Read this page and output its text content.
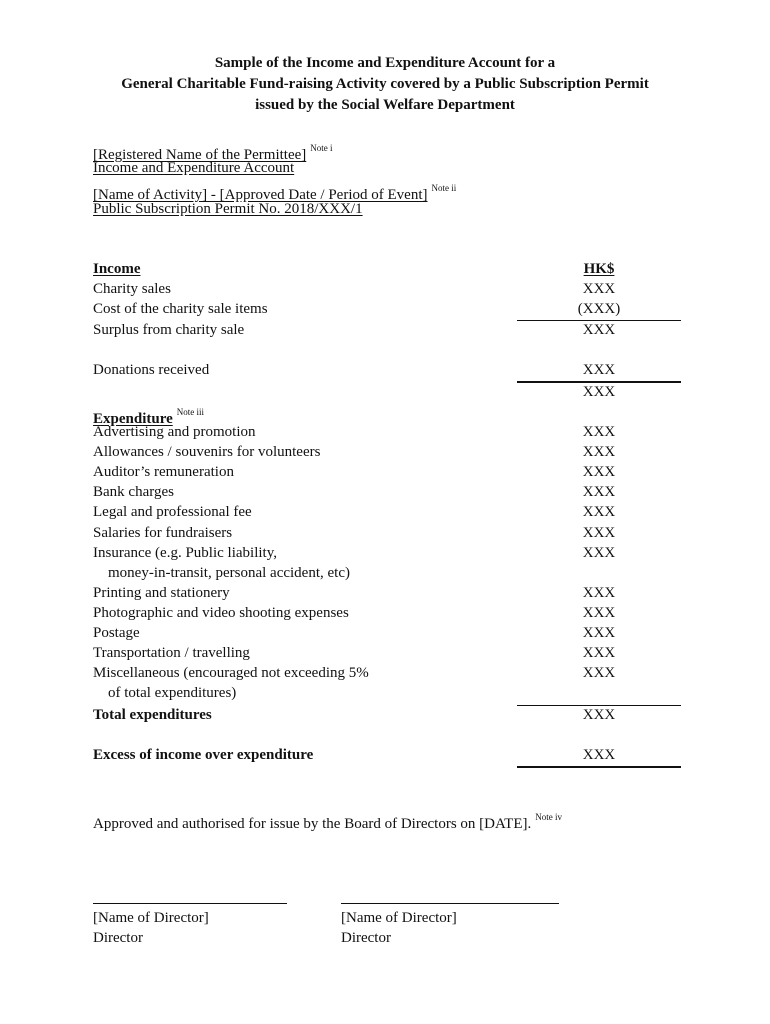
Sample of the Income and Expenditure Account for a
General Charitable Fund-raising Activity covered by a Public Subscription Permit
issued by the Social Welfare Department
[Registered Name of the Permittee] $^{Note i}$
Income and Expenditure Account
[Name of Activity] - [Approved Date / Period of Event] $^{Note ii}$
Public Subscription Permit No. 2018/XXX/1
Income	HK$
Charity sales	XXX
Cost of the charity sale items	(XXX)
Surplus from charity sale	XXX
Donations received	XXX
XXX
Expenditure $^{Note iii}$
Advertising and promotion	XXX
Allowances / souvenirs for volunteers	XXX
Auditor’s remuneration	XXX
Bank charges	XXX
Legal and professional fee	XXX
Salaries for fundraisers	XXX
Insurance (e.g. Public liability,	XXX
money-in-transit, personal accident, etc)
Printing and stationery	XXX
Photographic and video shooting expenses	XXX
Postage	XXX
Transportation / travelling	XXX
Miscellaneous (encouraged not exceeding 5%	XXX
of total expenditures)
Total expenditures	XXX
Excess of income over expenditure	XXX
Approved and authorised for issue by the Board of Directors on [DATE]. $^{Note iv}$
[Name of Director]
Director
[Name of Director]
Director
